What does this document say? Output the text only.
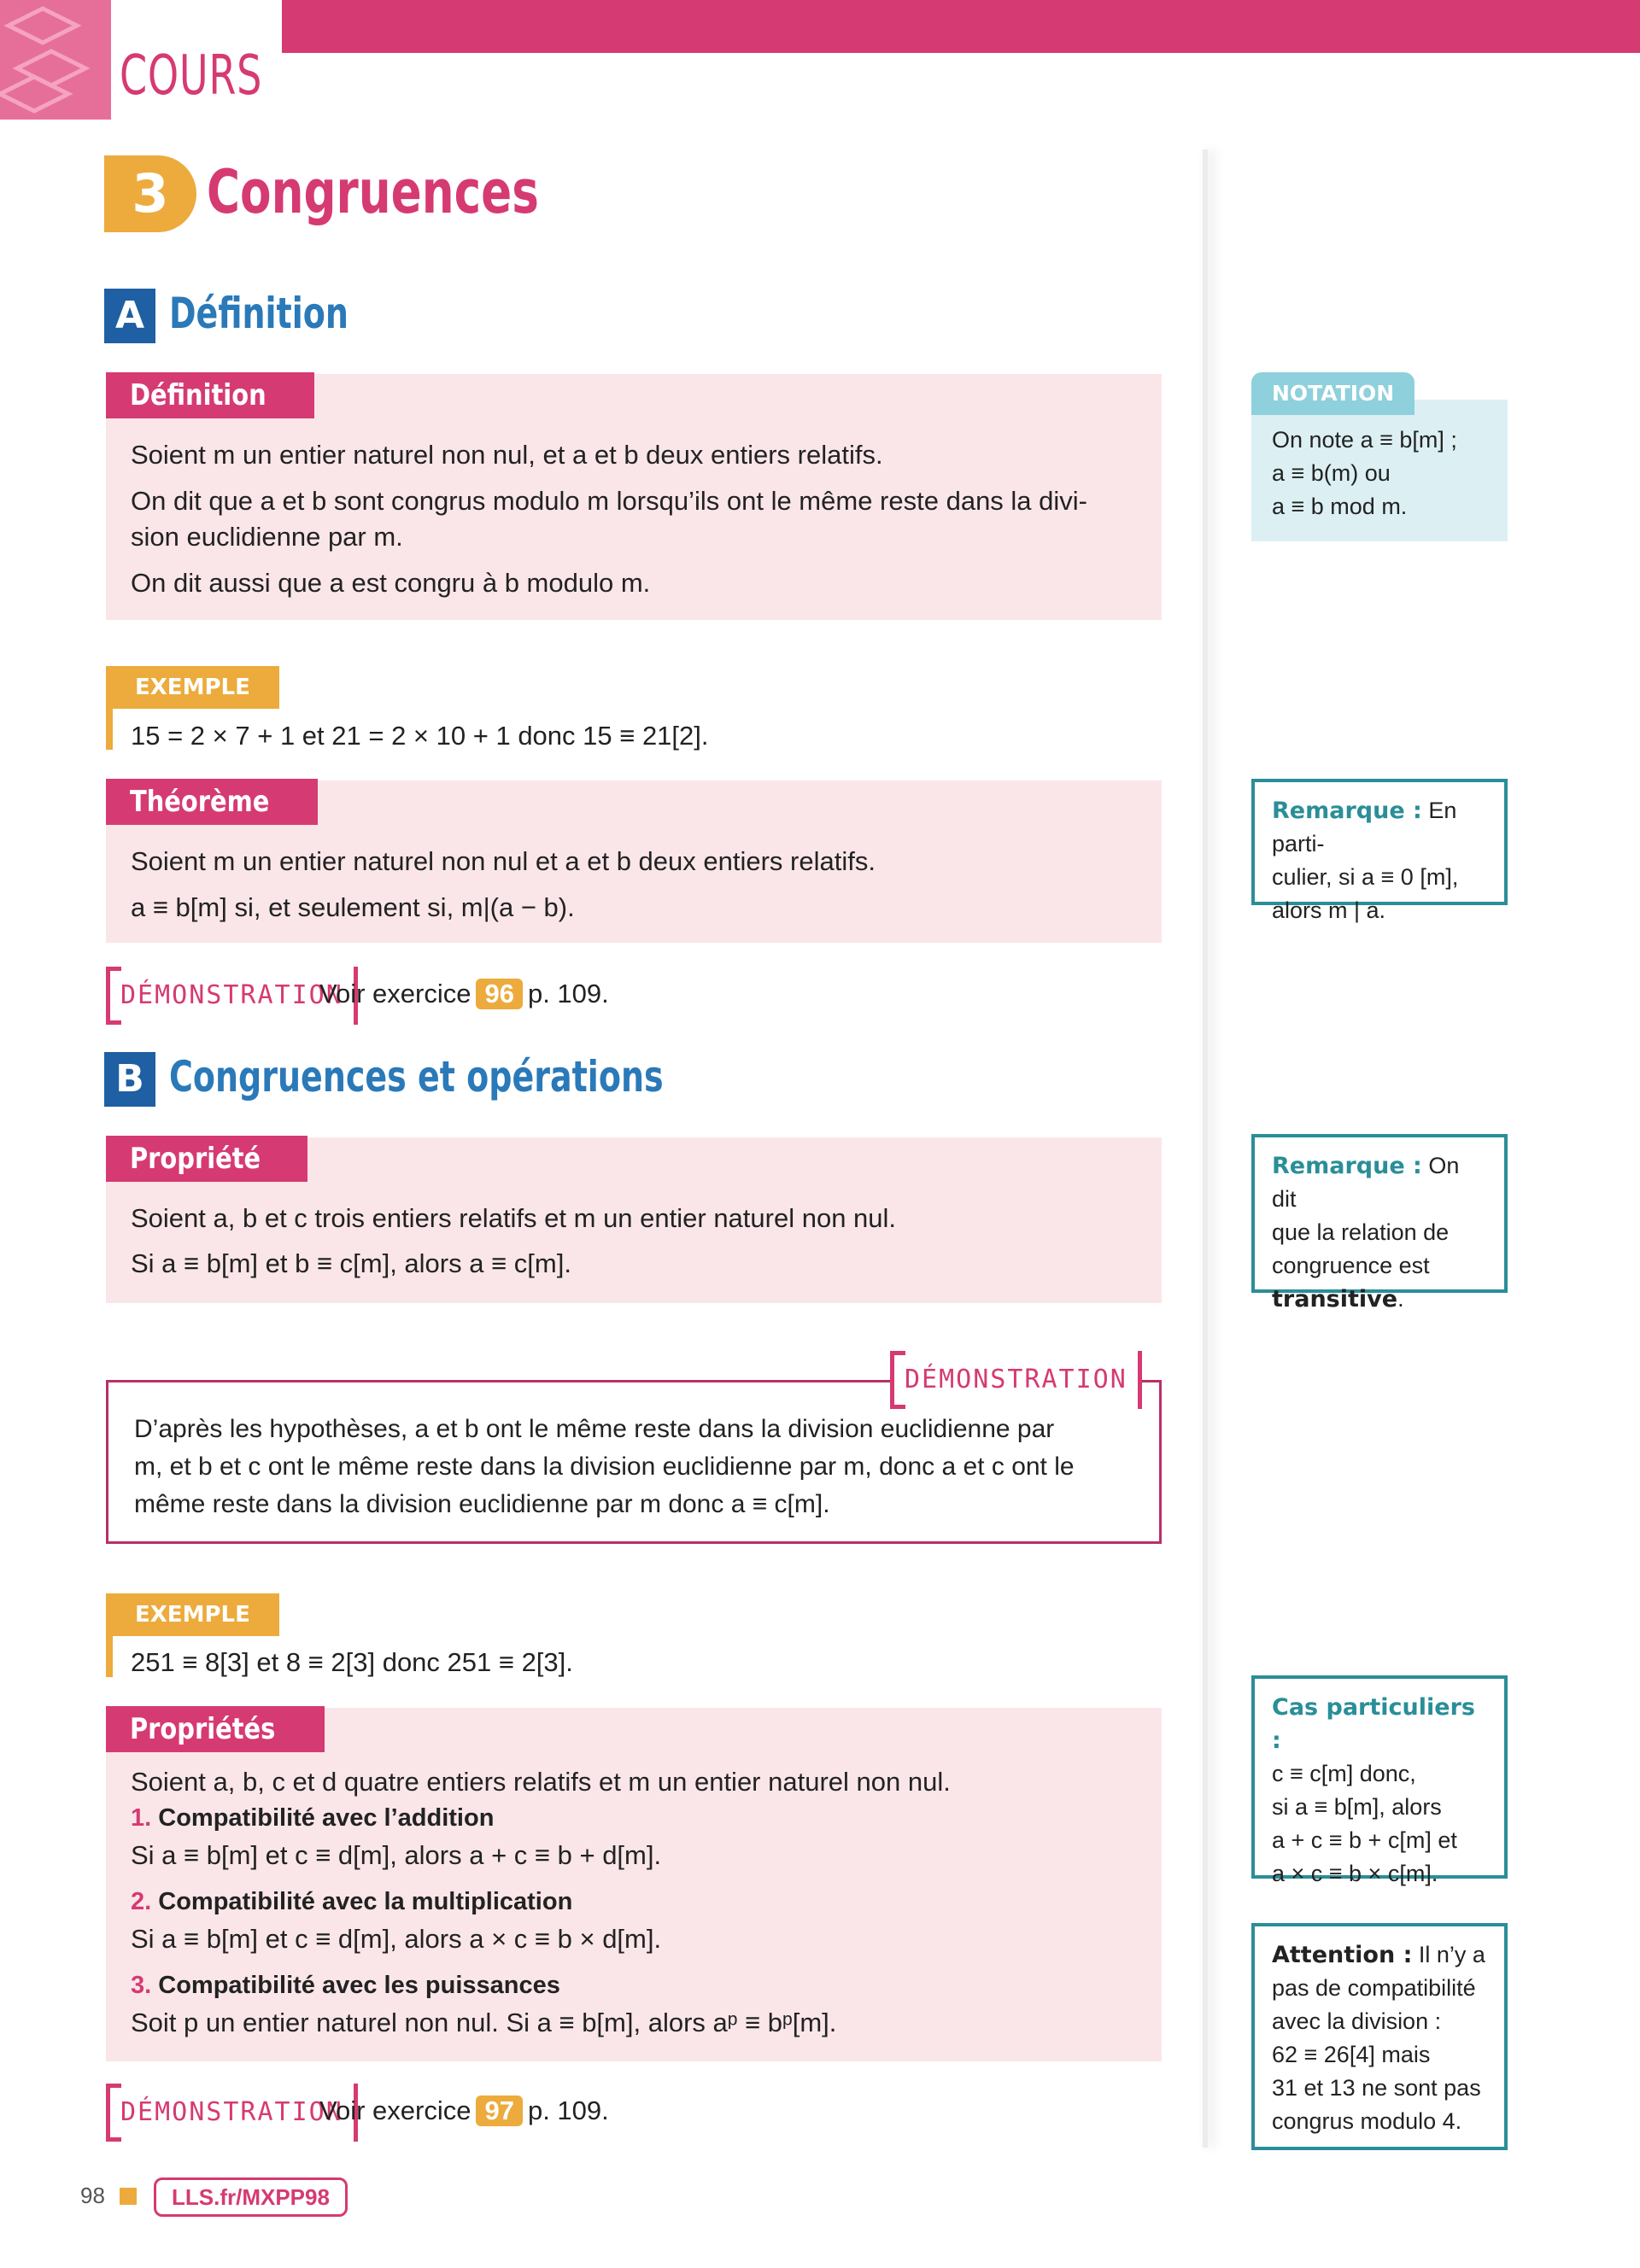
COURS
3 Congruences
A Définition
Définition
Soient m un entier naturel non nul, et a et b deux entiers relatifs.
On dit que a et b sont congrus modulo m lorsqu’ils ont le même reste dans la divi-
sion euclidienne par m.
On dit aussi que a est congru à b modulo m.
EXEMPLE
15 = 2 × 7 + 1 et 21 = 2 × 10 + 1 donc 15 ≡ 21[2].
Théorème
Soient m un entier naturel non nul et a et b deux entiers relatifs.
a ≡ b[m] si, et seulement si, m|(a − b).
DÉMONSTRATION
Voir exercice 96 p. 109.
B Congruences et opérations
Propriété
Soient a, b et c trois entiers relatifs et m un entier naturel non nul.
Si a ≡ b[m] et b ≡ c[m], alors a ≡ c[m].
DÉMONSTRATION
D’après les hypothèses, a et b ont le même reste dans la division euclidienne par
m, et b et c ont le même reste dans la division euclidienne par m, donc a et c ont le
même reste dans la division euclidienne par m donc a ≡ c[m].
EXEMPLE
251 ≡ 8[3] et 8 ≡ 2[3] donc 251 ≡ 2[3].
Propriétés
Soient a, b, c et d quatre entiers relatifs et m un entier naturel non nul.
1. Compatibilité avec l’addition
Si a ≡ b[m] et c ≡ d[m], alors a + c ≡ b + d[m].
2. Compatibilité avec la multiplication
Si a ≡ b[m] et c ≡ d[m], alors a × c ≡ b × d[m].
3. Compatibilité avec les puissances
Soit p un entier naturel non nul. Si a ≡ b[m], alors aᵖ ≡ bᵖ[m].
DÉMONSTRATION
Voir exercice 97 p. 109.
NOTATION
On note a ≡ b[m] ;
a ≡ b(m) ou
a ≡ b mod m.
Remarque : En parti-
culier, si a ≡ 0 [m],
alors m | a.
Remarque : On dit
que la relation de
congruence est
transitive.
Cas particuliers :
c ≡ c[m] donc,
si a ≡ b[m], alors
a + c ≡ b + c[m] et
a × c ≡ b × c[m].
Attention : Il n’y a
pas de compatibilité
avec la division :
62 ≡ 26[4] mais
31 et 13 ne sont pas
congrus modulo 4.
98	LLS.fr/MXPP98
